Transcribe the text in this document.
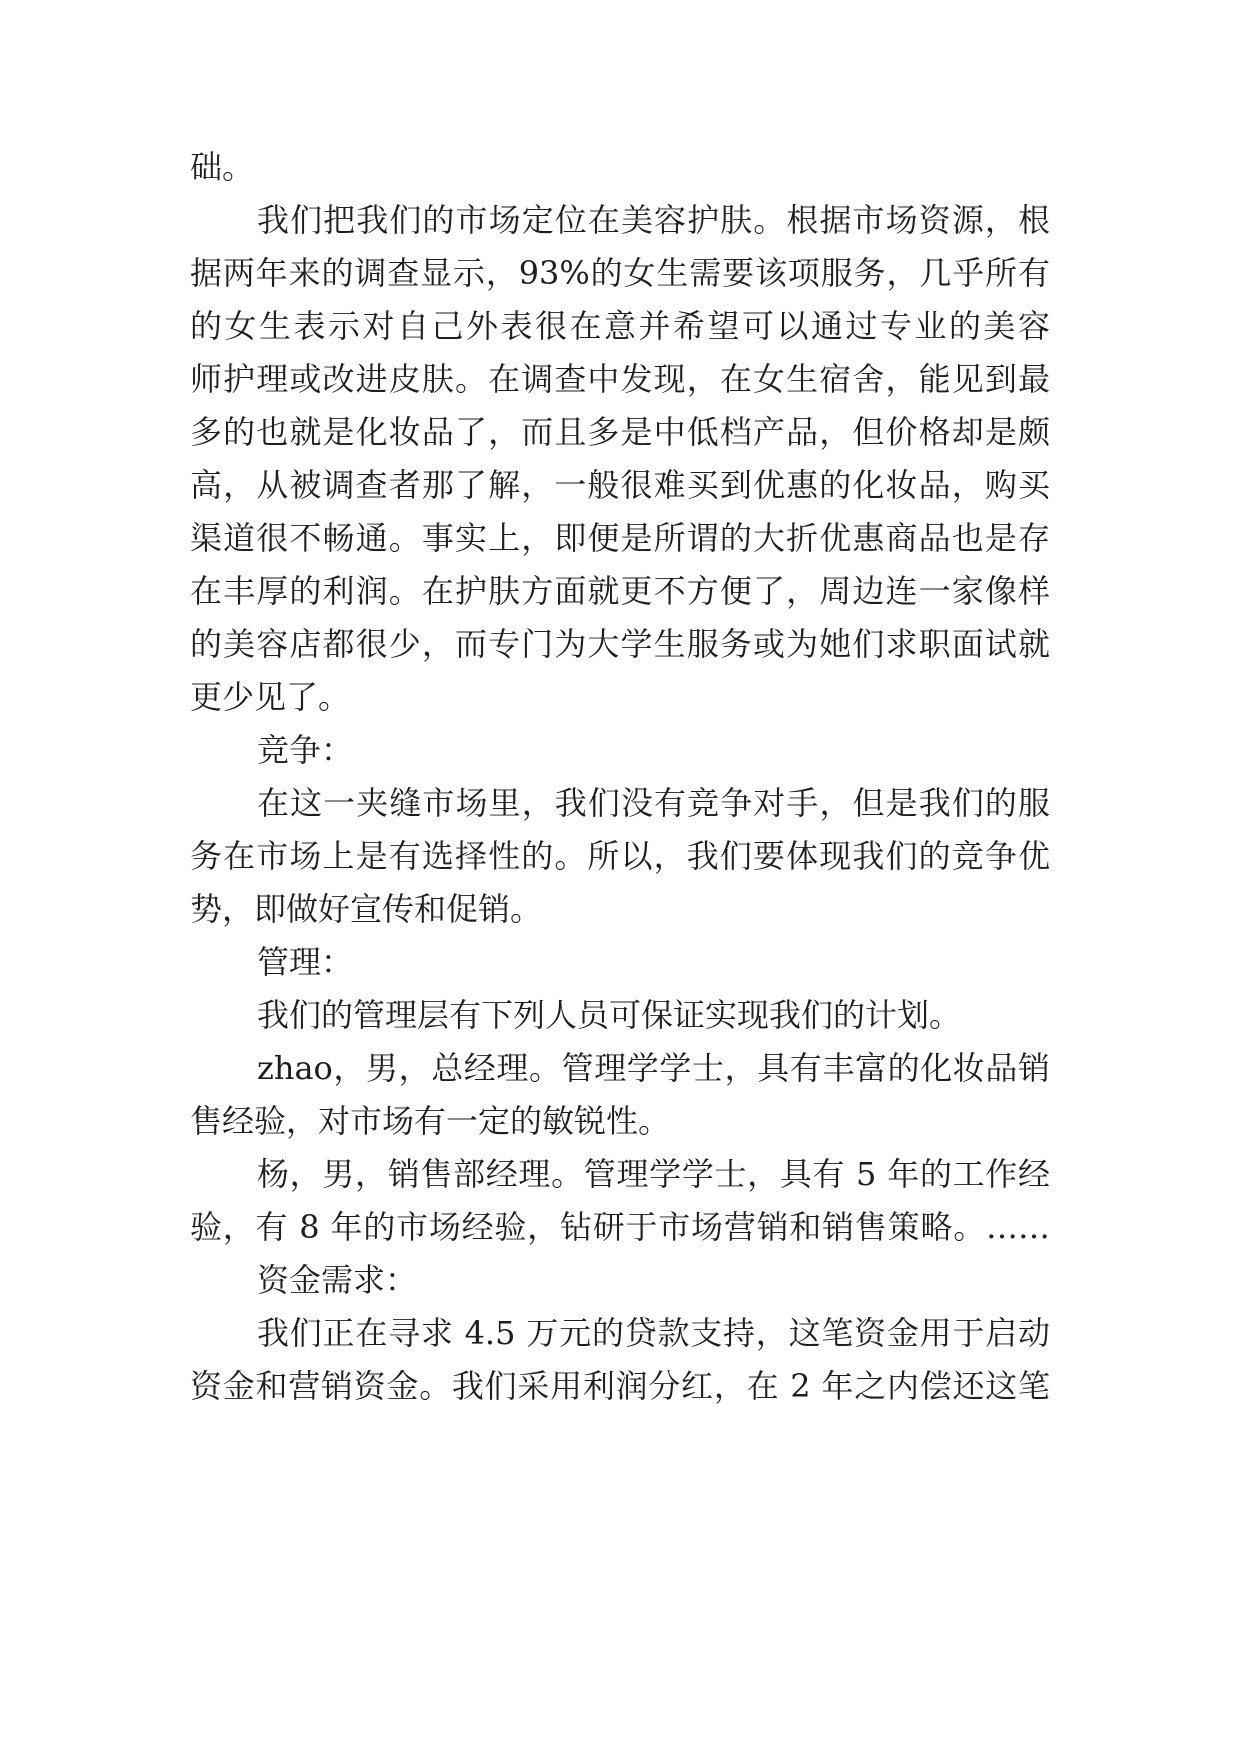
础。
我们把我们的市场定位在美容护肤。根据市场资源，根
据两年来的调查显示，93%的女生需要该项服务，几乎所有
的女生表示对自己外表很在意并希望可以通过专业的美容
师护理或改进皮肤。在调查中发现，在女生宿舍，能见到最
多的也就是化妆品了，而且多是中低档产品，但价格却是颇
高，从被调查者那了解，一般很难买到优惠的化妆品，购买
渠道很不畅通。事实上，即便是所谓的大折优惠商品也是存
在丰厚的利润。在护肤方面就更不方便了，周边连一家像样
的美容店都很少，而专门为大学生服务或为她们求职面试就
更少见了。
竞争：
在这一夹缝市场里，我们没有竞争对手，但是我们的服
务在市场上是有选择性的。所以，我们要体现我们的竞争优
势，即做好宣传和促销。
管理：
我们的管理层有下列人员可保证实现我们的计划。
zhao，男，总经理。管理学学士，具有丰富的化妆品销
售经验，对市场有一定的敏锐性。
杨，男，销售部经理。管理学学士，具有 5 年的工作经
验，有 8 年的市场经验，钻研于市场营销和销售策略。……
资金需求：
我们正在寻求 4.5 万元的贷款支持，这笔资金用于启动
资金和营销资金。我们采用利润分红，在 2 年之内偿还这笔
